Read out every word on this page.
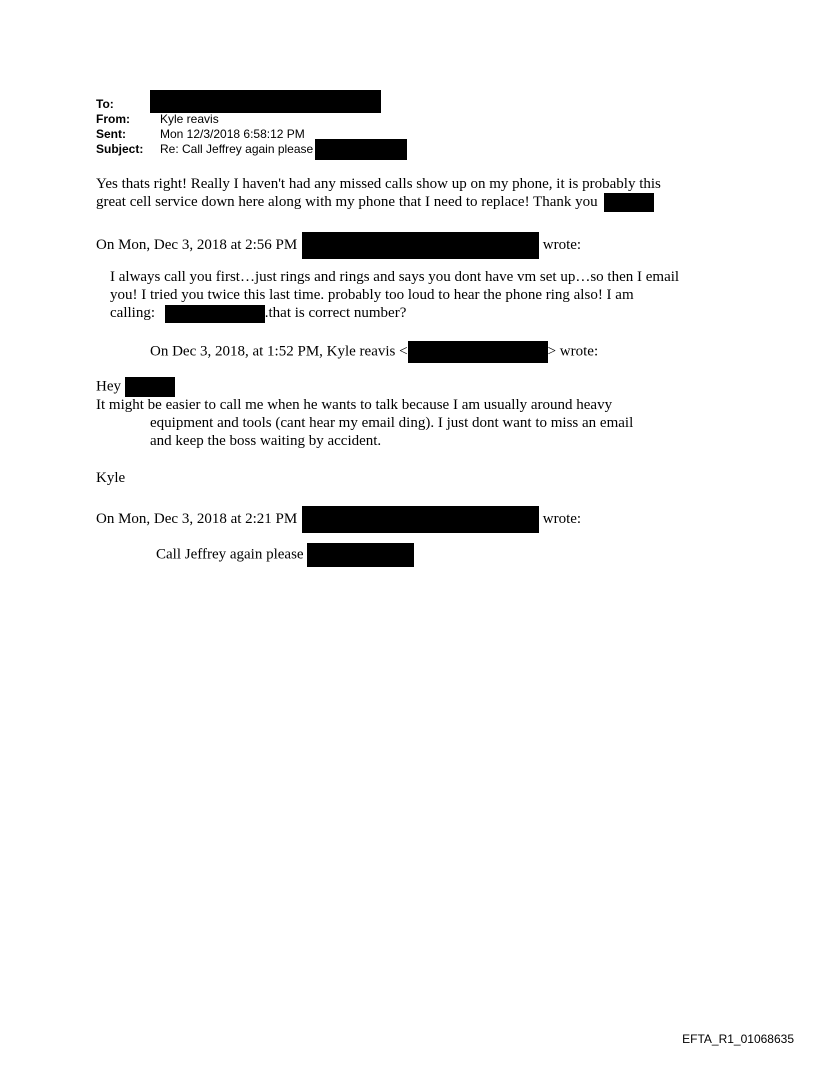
To:
From:	Kyle reavis
Sent:	Mon 12/3/2018 6:58:12 PM
Subject:	Re: Call Jeffrey again please
Yes thats right! Really I haven't had any missed calls show up on my phone, it is probably this
great cell service down here along with my phone that I need to replace! Thank you
On Mon, Dec 3, 2018 at 2:56 PM	wrote:
I always call you first…just rings and rings and says you dont have vm set up…so then I email
you! I tried you twice this last time. probably too loud to hear the phone ring also! I am
calling:	.that is correct number?
On Dec 3, 2018, at 1:52 PM, Kyle reavis <	> wrote:
Hey
It might be easier to call me when he wants to talk because I am usually around heavy
equipment and tools (cant hear my email ding). I just dont want to miss an email
and keep the boss waiting by accident.
Kyle
On Mon, Dec 3, 2018 at 2:21 PM	wrote:
Call Jeffrey again please
EFTA_R1_01068635
